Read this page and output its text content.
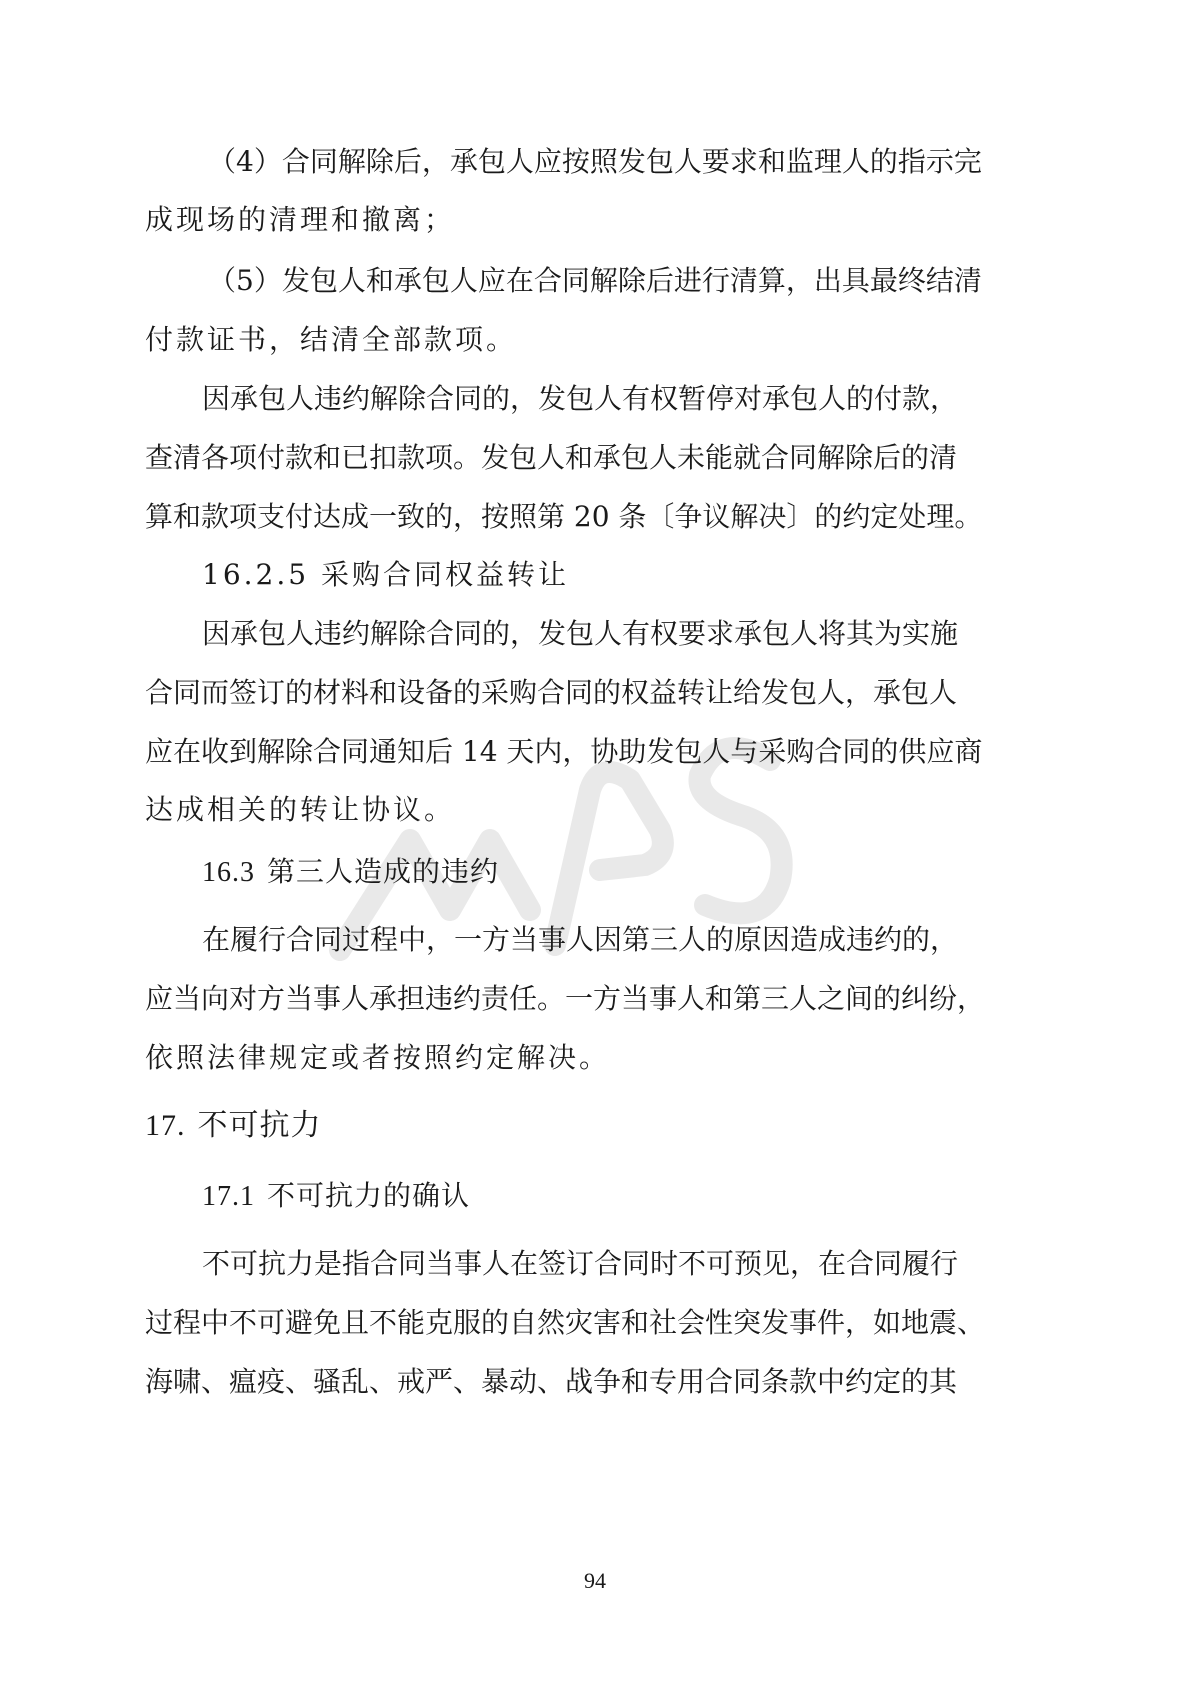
（4）合同解除后，承包人应按照发包人要求和监理人的指示完
成现场的清理和撤离；
（5）发包人和承包人应在合同解除后进行清算，出具最终结清
付款证书，结清全部款项。
因承包人违约解除合同的，发包人有权暂停对承包人的付款，
查清各项付款和已扣款项。发包人和承包人未能就合同解除后的清
算和款项支付达成一致的，按照第 20 条〔争议解决〕的约定处理。
16.2.5 采购合同权益转让
因承包人违约解除合同的，发包人有权要求承包人将其为实施
合同而签订的材料和设备的采购合同的权益转让给发包人，承包人
应在收到解除合同通知后 14 天内，协助发包人与采购合同的供应商
达成相关的转让协议。
16.3 第三人造成的违约
在履行合同过程中，一方当事人因第三人的原因造成违约的，
应当向对方当事人承担违约责任。一方当事人和第三人之间的纠纷，
依照法律规定或者按照约定解决。
17. 不可抗力
17.1 不可抗力的确认
不可抗力是指合同当事人在签订合同时不可预见，在合同履行
过程中不可避免且不能克服的自然灾害和社会性突发事件，如地震、
海啸、瘟疫、骚乱、戒严、暴动、战争和专用合同条款中约定的其
94
